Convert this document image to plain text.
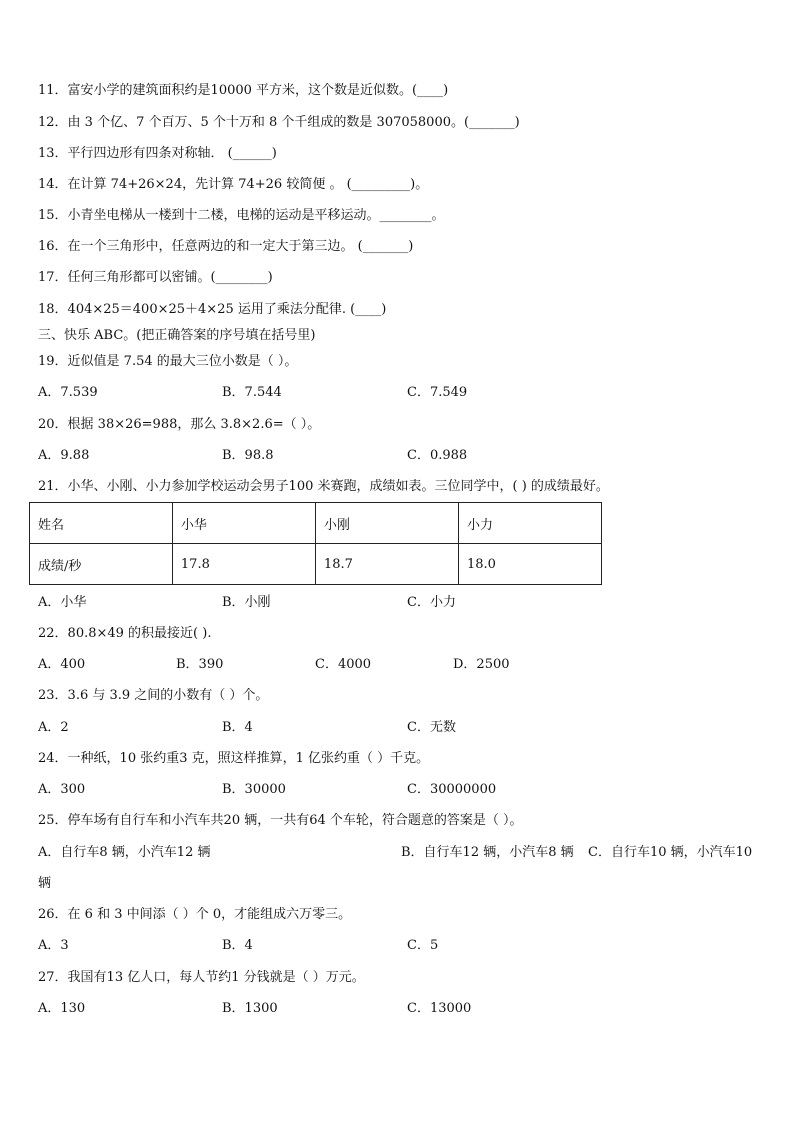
11．富安小学的建筑面积约是10000 平方米，这个数是近似数。(____)
12．由 3 个亿、7 个百万、5 个十万和 8 个千组成的数是 307058000。(_______)
13．平行四边形有四条对称轴． (______)
14．在计算 74+26×24，先计算 74+26 较简便 。 (_________)。
15．小青坐电梯从一楼到十二楼，电梯的运动是平移运动。________。
16．在一个三角形中，任意两边的和一定大于第三边。 (_______)
17．任何三角形都可以密铺。(________)
18．404×25＝400×25＋4×25 运用了乘法分配律. (____)
三、快乐 ABC。(把正确答案的序号填在括号里)
19．近似值是 7.54 的最大三位小数是（ ）。
A．7.539	B．7.544	C．7.549
20．根据 38×26=988，那么 3.8×2.6=（ ）。
A．9.88	B．98.8	C．0.988
21．小华、小刚、小力参加学校运动会男子100 米赛跑，成绩如表。三位同学中，( ) 的成绩最好。
姓名	小华	小刚	小力
成绩/秒	17.8	18.7	18.0
A．小华	B．小刚	C．小力
22．80.8×49 的积最接近( ).
A．400	B．390	C．4000	D．2500
23．3.6 与 3.9 之间的小数有（ ）个。
A．2	B．4	C．无数
24．一种纸，10 张约重3 克，照这样推算，1 亿张约重（ ）千克。
A．300	B．30000	C．30000000
25．停车场有自行车和小汽车共20 辆，一共有64 个车轮，符合题意的答案是（ ）。
A．自行车8 辆，小汽车12 辆	B．自行车12 辆，小汽车8 辆 C．自行车10 辆，小汽车10
辆
26．在 6 和 3 中间添（ ）个 0，才能组成六万零三。
A．3	B．4	C．5
27．我国有13 亿人口，每人节约1 分钱就是（ ）万元。
A．130	B．1300	C．13000
